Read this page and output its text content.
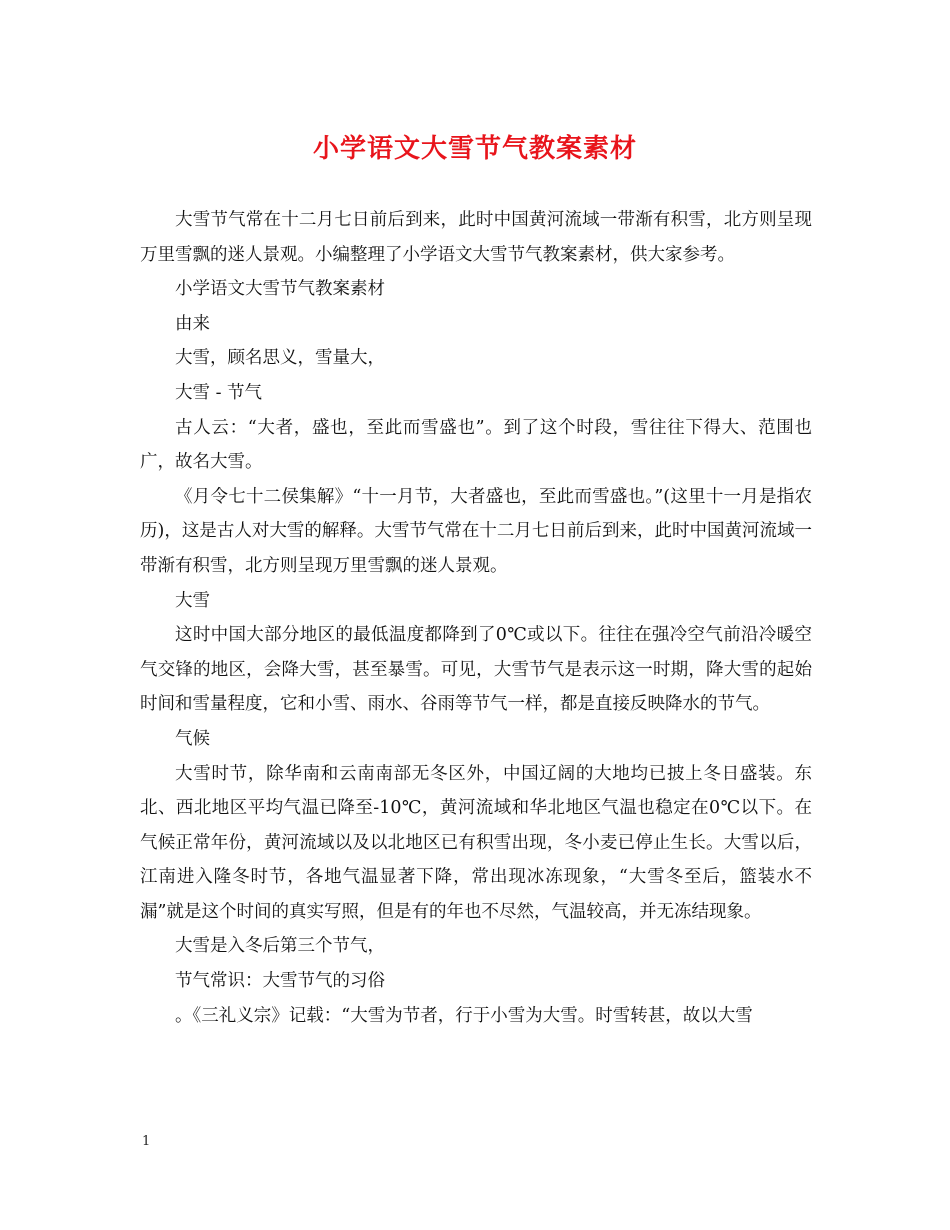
小学语文大雪节气教案素材

大雪节气常在十二月七日前后到来，此时中国黄河流域一带渐有积雪，北方则呈现万里雪飘的迷人景观。小编整理了小学语文大雪节气教案素材，供大家参考。

小学语文大雪节气教案素材

由来

大雪，顾名思义，雪量大，

大雪 - 节气

古人云：“大者，盛也，至此而雪盛也”。到了这个时段，雪往往下得大、范围也广，故名大雪。

《月令七十二侯集解》“十一月节，大者盛也，至此而雪盛也。”(这里十一月是指农历)，这是古人对大雪的解释。大雪节气常在十二月七日前后到来，此时中国黄河流域一带渐有积雪，北方则呈现万里雪飘的迷人景观。

大雪

这时中国大部分地区的最低温度都降到了0℃或以下。往往在强冷空气前沿冷暖空气交锋的地区，会降大雪，甚至暴雪。可见，大雪节气是表示这一时期，降大雪的起始时间和雪量程度，它和小雪、雨水、谷雨等节气一样，都是直接反映降水的节气。

气候

大雪时节，除华南和云南南部无冬区外，中国辽阔的大地均已披上冬日盛装。东北、西北地区平均气温已降至-10℃，黄河流域和华北地区气温也稳定在0℃以下。在气候正常年份，黄河流域以及以北地区已有积雪出现，冬小麦已停止生长。大雪以后，江南进入隆冬时节，各地气温显著下降，常出现冰冻现象，“大雪冬至后，篮装水不漏”就是这个时间的真实写照，但是有的年也不尽然，气温较高，并无冻结现象。

大雪是入冬后第三个节气，

节气常识：大雪节气的习俗

。《三礼义宗》记载：“大雪为节者，行于小雪为大雪。时雪转甚，故以大雪

1
